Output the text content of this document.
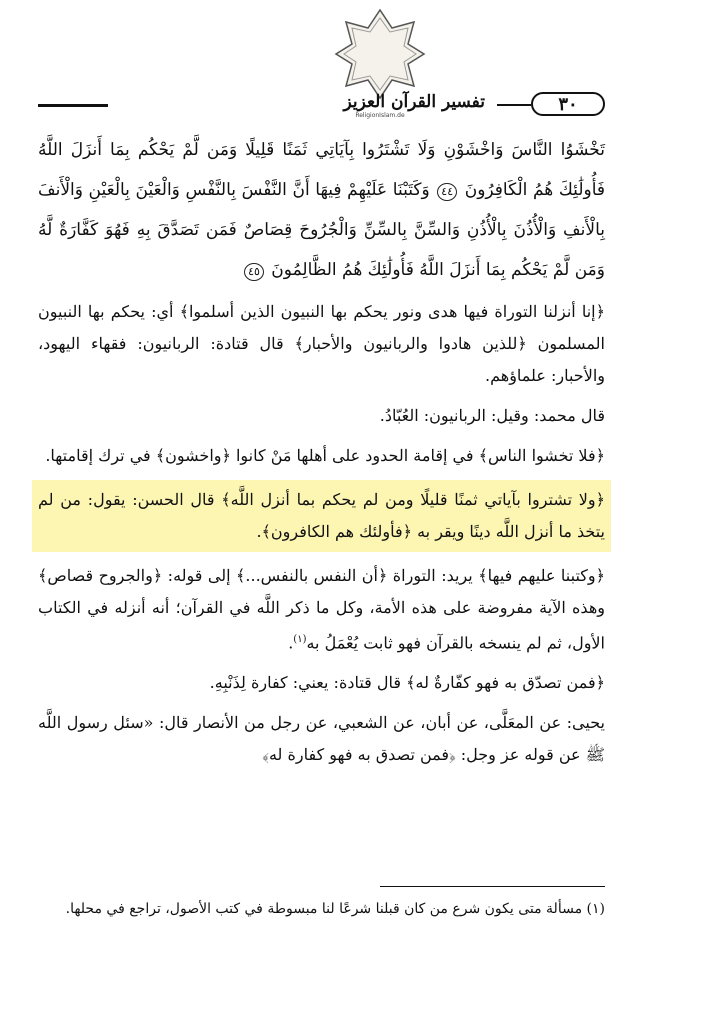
ReligionIslam.de
٣٠
تفسير القرآن العزيز

تَخْشَوُا النَّاسَ وَاخْشَوْنِ وَلَا تَشْتَرُوا بِآيَاتِي ثَمَنًا قَلِيلًا وَمَن لَّمْ يَحْكُم بِمَا أَنزَلَ اللَّهُ فَأُولَٰئِكَ هُمُ الْكَافِرُونَ ٤٤ وَكَتَبْنَا عَلَيْهِمْ فِيهَا أَنَّ النَّفْسَ بِالنَّفْسِ وَالْعَيْنَ بِالْعَيْنِ وَالْأَنفَ بِالْأَنفِ وَالْأُذُنَ بِالْأُذُنِ وَالسِّنَّ بِالسِّنِّ وَالْجُرُوحَ قِصَاصٌ فَمَن تَصَدَّقَ بِهِ فَهُوَ كَفَّارَةٌ لَّهُ وَمَن لَّمْ يَحْكُم بِمَا أَنزَلَ اللَّهُ فَأُولَٰئِكَ هُمُ الظَّالِمُونَ ٤٥

﴿إنا أنزلنا التوراة فيها هدى ونور يحكم بها النبيون الذين أسلموا﴾ أي: يحكم بها النبيون المسلمون ﴿للذين هادوا والربانيون والأحبار﴾ قال قتادة: الربانيون: فقهاء اليهود، والأحبار: علماؤهم.

قال محمد: وقيل: الربانيون: العُبّادُ.

﴿فلا تخشوا الناس﴾ في إقامة الحدود على أهلها مَنْ كانوا ﴿واخشون﴾ في ترك إقامتها.

﴿ولا تشتروا بآياتي ثمنًا قليلًا ومن لم يحكم بما أنزل اللَّه﴾ قال الحسن: يقول: من لم يتخذ ما أنزل اللَّه دينًا ويقر به ﴿فأولئك هم الكافرون﴾.

﴿وكتبنا عليهم فيها﴾ يريد: التوراة ﴿أن النفس بالنفس...﴾ إلى قوله: ﴿والجروح قصاص﴾ وهذه الآية مفروضة على هذه الأمة، وكل ما ذكر اللَّه في القرآن؛ أنه أنزله في الكتاب الأول، ثم لم ينسخه بالقرآن فهو ثابت يُعْمَلُ به$^{(١)}$.

﴿فمن تصدّق به فهو كفّارةٌ له﴾ قال قتادة: يعني: كفارة لِذَنْبِهِ.

يحيى: عن المعَلَّى، عن أبان، عن الشعبي، عن رجل من الأنصار قال: «سئل رسول اللَّه ﷺ عن قوله عز وجل: ﴿فمن تصدق به فهو كفارة له﴾

(١) مسألة متى يكون شرع من كان قبلنا شرعًا لنا مبسوطة في كتب الأصول، تراجع في محلها.
